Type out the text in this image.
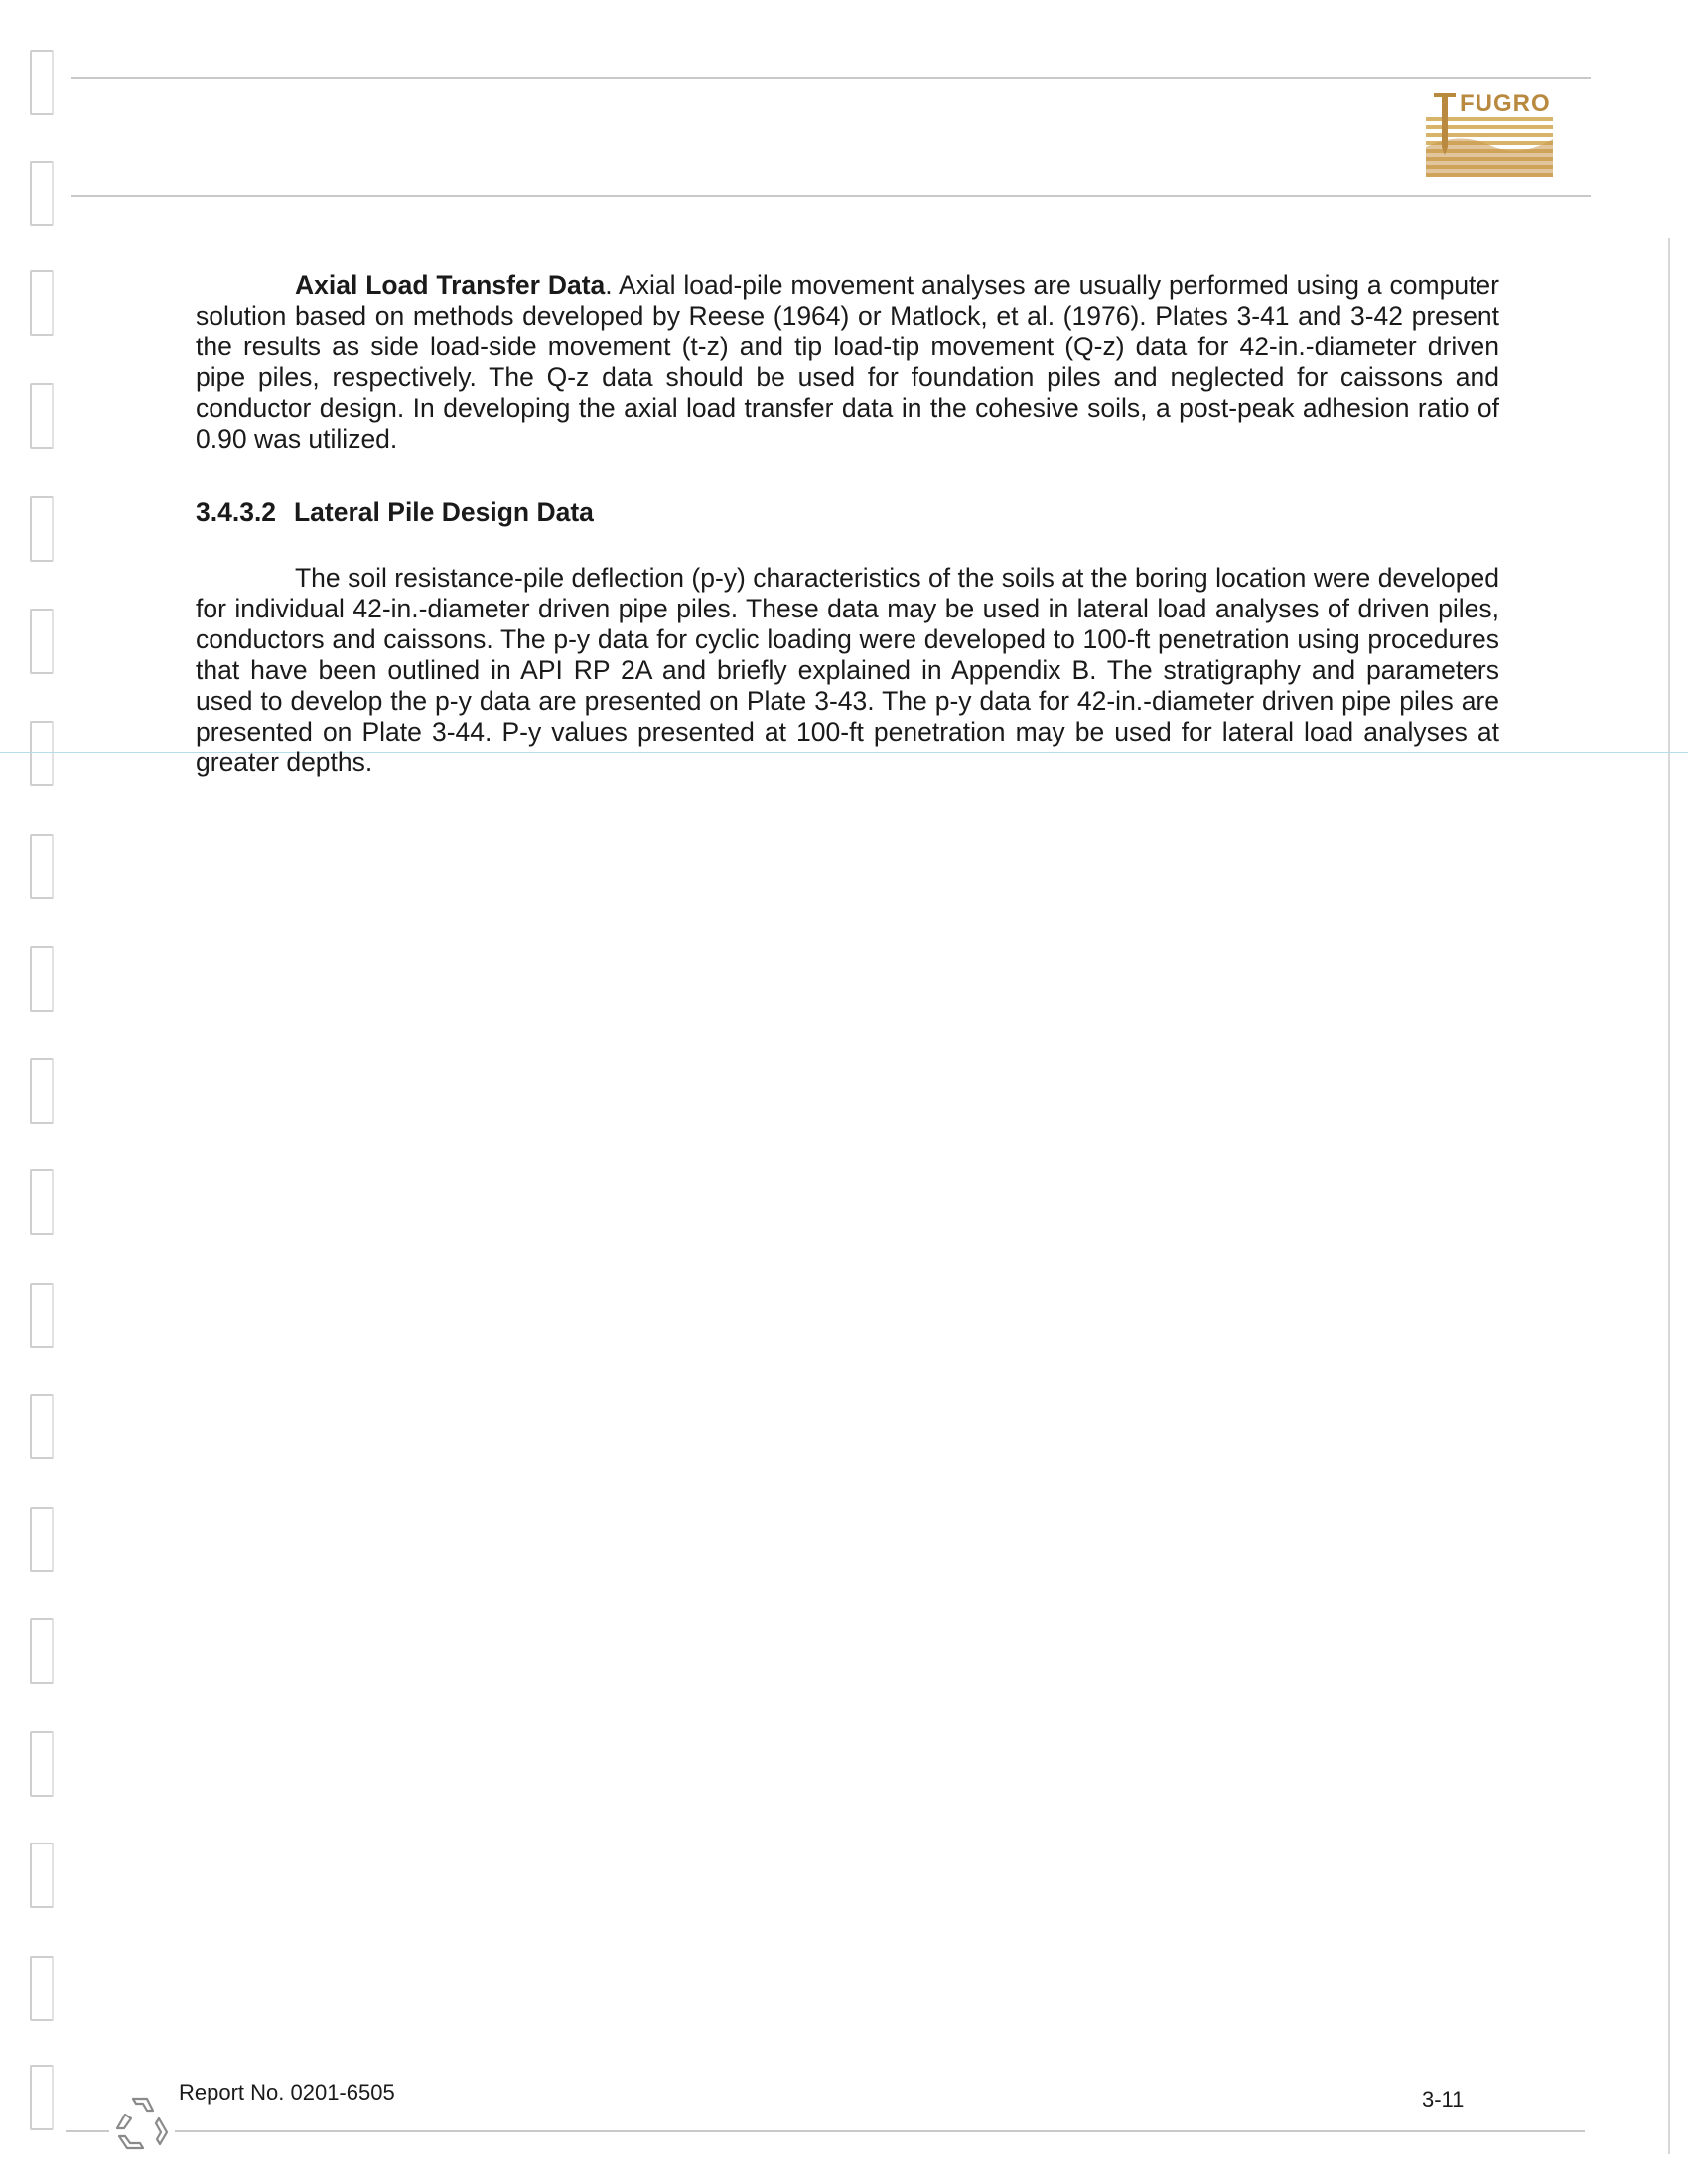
FUGRO

Axial Load Transfer Data. Axial load-pile movement analyses are usually performed using a computer solution based on methods developed by Reese (1964) or Matlock, et al. (1976). Plates 3-41 and 3-42 present the results as side load-side movement (t-z) and tip load-tip movement (Q-z) data for 42-in.-diameter driven pipe piles, respectively. The Q-z data should be used for foundation piles and neglected for caissons and conductor design. In developing the axial load transfer data in the cohesive soils, a post-peak adhesion ratio of 0.90 was utilized.

3.4.3.2 Lateral Pile Design Data

The soil resistance-pile deflection (p-y) characteristics of the soils at the boring location were developed for individual 42-in.-diameter driven pipe piles. These data may be used in lateral load analyses of driven piles, conductors and caissons. The p-y data for cyclic loading were developed to 100-ft penetration using procedures that have been outlined in API RP 2A and briefly explained in Appendix B. The stratigraphy and parameters used to develop the p-y data are presented on Plate 3-43. The p-y data for 42-in.-diameter driven pipe piles are presented on Plate 3-44. P-y values presented at 100-ft penetration may be used for lateral load analyses at greater depths.

Report No. 0201-6505	3-11
